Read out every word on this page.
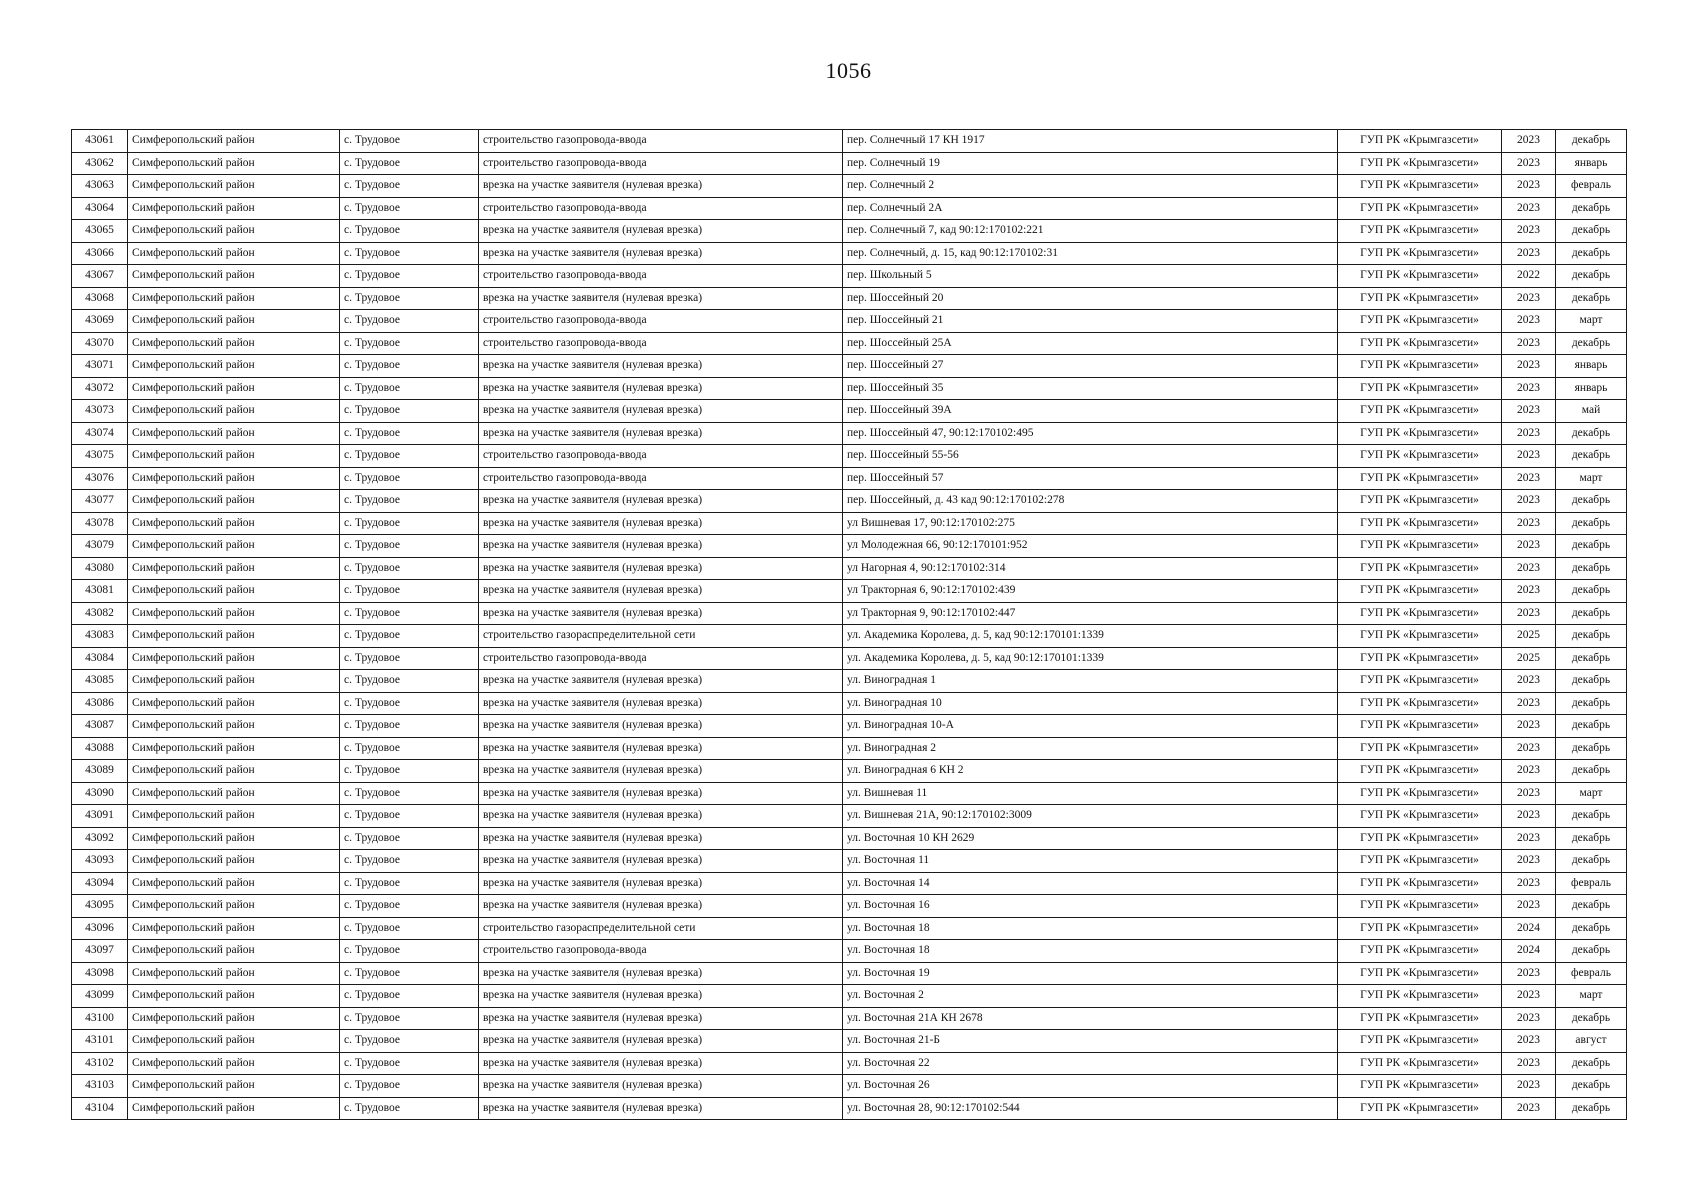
1056
43061	Симферопольский район	с. Трудовое	строительство газопровода-ввода	пер. Солнечный 17 КН 1917	ГУП РК «Крымгазсети»	2023	декабрь
43062	Симферопольский район	с. Трудовое	строительство газопровода-ввода	пер. Солнечный 19	ГУП РК «Крымгазсети»	2023	январь
43063	Симферопольский район	с. Трудовое	врезка на участке заявителя (нулевая врезка)	пер. Солнечный 2	ГУП РК «Крымгазсети»	2023	февраль
43064	Симферопольский район	с. Трудовое	строительство газопровода-ввода	пер. Солнечный 2А	ГУП РК «Крымгазсети»	2023	декабрь
43065	Симферопольский район	с. Трудовое	врезка на участке заявителя (нулевая врезка)	пер. Солнечный 7, кад 90:12:170102:221	ГУП РК «Крымгазсети»	2023	декабрь
43066	Симферопольский район	с. Трудовое	врезка на участке заявителя (нулевая врезка)	пер. Солнечный, д. 15, кад 90:12:170102:31	ГУП РК «Крымгазсети»	2023	декабрь
43067	Симферопольский район	с. Трудовое	строительство газопровода-ввода	пер. Школьный 5	ГУП РК «Крымгазсети»	2022	декабрь
43068	Симферопольский район	с. Трудовое	врезка на участке заявителя (нулевая врезка)	пер. Шоссейный 20	ГУП РК «Крымгазсети»	2023	декабрь
43069	Симферопольский район	с. Трудовое	строительство газопровода-ввода	пер. Шоссейный 21	ГУП РК «Крымгазсети»	2023	март
43070	Симферопольский район	с. Трудовое	строительство газопровода-ввода	пер. Шоссейный 25А	ГУП РК «Крымгазсети»	2023	декабрь
43071	Симферопольский район	с. Трудовое	врезка на участке заявителя (нулевая врезка)	пер. Шоссейный 27	ГУП РК «Крымгазсети»	2023	январь
43072	Симферопольский район	с. Трудовое	врезка на участке заявителя (нулевая врезка)	пер. Шоссейный 35	ГУП РК «Крымгазсети»	2023	январь
43073	Симферопольский район	с. Трудовое	врезка на участке заявителя (нулевая врезка)	пер. Шоссейный 39А	ГУП РК «Крымгазсети»	2023	май
43074	Симферопольский район	с. Трудовое	врезка на участке заявителя (нулевая врезка)	пер. Шоссейный 47, 90:12:170102:495	ГУП РК «Крымгазсети»	2023	декабрь
43075	Симферопольский район	с. Трудовое	строительство газопровода-ввода	пер. Шоссейный 55-56	ГУП РК «Крымгазсети»	2023	декабрь
43076	Симферопольский район	с. Трудовое	строительство газопровода-ввода	пер. Шоссейный 57	ГУП РК «Крымгазсети»	2023	март
43077	Симферопольский район	с. Трудовое	врезка на участке заявителя (нулевая врезка)	пер. Шоссейный, д. 43 кад 90:12:170102:278	ГУП РК «Крымгазсети»	2023	декабрь
43078	Симферопольский район	с. Трудовое	врезка на участке заявителя (нулевая врезка)	ул Вишневая 17, 90:12:170102:275	ГУП РК «Крымгазсети»	2023	декабрь
43079	Симферопольский район	с. Трудовое	врезка на участке заявителя (нулевая врезка)	ул Молодежная 66, 90:12:170101:952	ГУП РК «Крымгазсети»	2023	декабрь
43080	Симферопольский район	с. Трудовое	врезка на участке заявителя (нулевая врезка)	ул Нагорная 4, 90:12:170102:314	ГУП РК «Крымгазсети»	2023	декабрь
43081	Симферопольский район	с. Трудовое	врезка на участке заявителя (нулевая врезка)	ул Тракторная 6, 90:12:170102:439	ГУП РК «Крымгазсети»	2023	декабрь
43082	Симферопольский район	с. Трудовое	врезка на участке заявителя (нулевая врезка)	ул Тракторная 9, 90:12:170102:447	ГУП РК «Крымгазсети»	2023	декабрь
43083	Симферопольский район	с. Трудовое	строительство газораспределительной сети	ул. Академика Королева, д. 5, кад 90:12:170101:1339	ГУП РК «Крымгазсети»	2025	декабрь
43084	Симферопольский район	с. Трудовое	строительство газопровода-ввода	ул. Академика Королева, д. 5, кад 90:12:170101:1339	ГУП РК «Крымгазсети»	2025	декабрь
43085	Симферопольский район	с. Трудовое	врезка на участке заявителя (нулевая врезка)	ул. Виноградная 1	ГУП РК «Крымгазсети»	2023	декабрь
43086	Симферопольский район	с. Трудовое	врезка на участке заявителя (нулевая врезка)	ул. Виноградная 10	ГУП РК «Крымгазсети»	2023	декабрь
43087	Симферопольский район	с. Трудовое	врезка на участке заявителя (нулевая врезка)	ул. Виноградная 10-А	ГУП РК «Крымгазсети»	2023	декабрь
43088	Симферопольский район	с. Трудовое	врезка на участке заявителя (нулевая врезка)	ул. Виноградная 2	ГУП РК «Крымгазсети»	2023	декабрь
43089	Симферопольский район	с. Трудовое	врезка на участке заявителя (нулевая врезка)	ул. Виноградная 6 КН 2	ГУП РК «Крымгазсети»	2023	декабрь
43090	Симферопольский район	с. Трудовое	врезка на участке заявителя (нулевая врезка)	ул. Вишневая 11	ГУП РК «Крымгазсети»	2023	март
43091	Симферопольский район	с. Трудовое	врезка на участке заявителя (нулевая врезка)	ул. Вишневая 21А, 90:12:170102:3009	ГУП РК «Крымгазсети»	2023	декабрь
43092	Симферопольский район	с. Трудовое	врезка на участке заявителя (нулевая врезка)	ул. Восточная 10 КН 2629	ГУП РК «Крымгазсети»	2023	декабрь
43093	Симферопольский район	с. Трудовое	врезка на участке заявителя (нулевая врезка)	ул. Восточная 11	ГУП РК «Крымгазсети»	2023	декабрь
43094	Симферопольский район	с. Трудовое	врезка на участке заявителя (нулевая врезка)	ул. Восточная 14	ГУП РК «Крымгазсети»	2023	февраль
43095	Симферопольский район	с. Трудовое	врезка на участке заявителя (нулевая врезка)	ул. Восточная 16	ГУП РК «Крымгазсети»	2023	декабрь
43096	Симферопольский район	с. Трудовое	строительство газораспределительной сети	ул. Восточная 18	ГУП РК «Крымгазсети»	2024	декабрь
43097	Симферопольский район	с. Трудовое	строительство газопровода-ввода	ул. Восточная 18	ГУП РК «Крымгазсети»	2024	декабрь
43098	Симферопольский район	с. Трудовое	врезка на участке заявителя (нулевая врезка)	ул. Восточная 19	ГУП РК «Крымгазсети»	2023	февраль
43099	Симферопольский район	с. Трудовое	врезка на участке заявителя (нулевая врезка)	ул. Восточная 2	ГУП РК «Крымгазсети»	2023	март
43100	Симферопольский район	с. Трудовое	врезка на участке заявителя (нулевая врезка)	ул. Восточная 21А КН 2678	ГУП РК «Крымгазсети»	2023	декабрь
43101	Симферопольский район	с. Трудовое	врезка на участке заявителя (нулевая врезка)	ул. Восточная 21-Б	ГУП РК «Крымгазсети»	2023	август
43102	Симферопольский район	с. Трудовое	врезка на участке заявителя (нулевая врезка)	ул. Восточная 22	ГУП РК «Крымгазсети»	2023	декабрь
43103	Симферопольский район	с. Трудовое	врезка на участке заявителя (нулевая врезка)	ул. Восточная 26	ГУП РК «Крымгазсети»	2023	декабрь
43104	Симферопольский район	с. Трудовое	врезка на участке заявителя (нулевая врезка)	ул. Восточная 28, 90:12:170102:544	ГУП РК «Крымгазсети»	2023	декабрь
